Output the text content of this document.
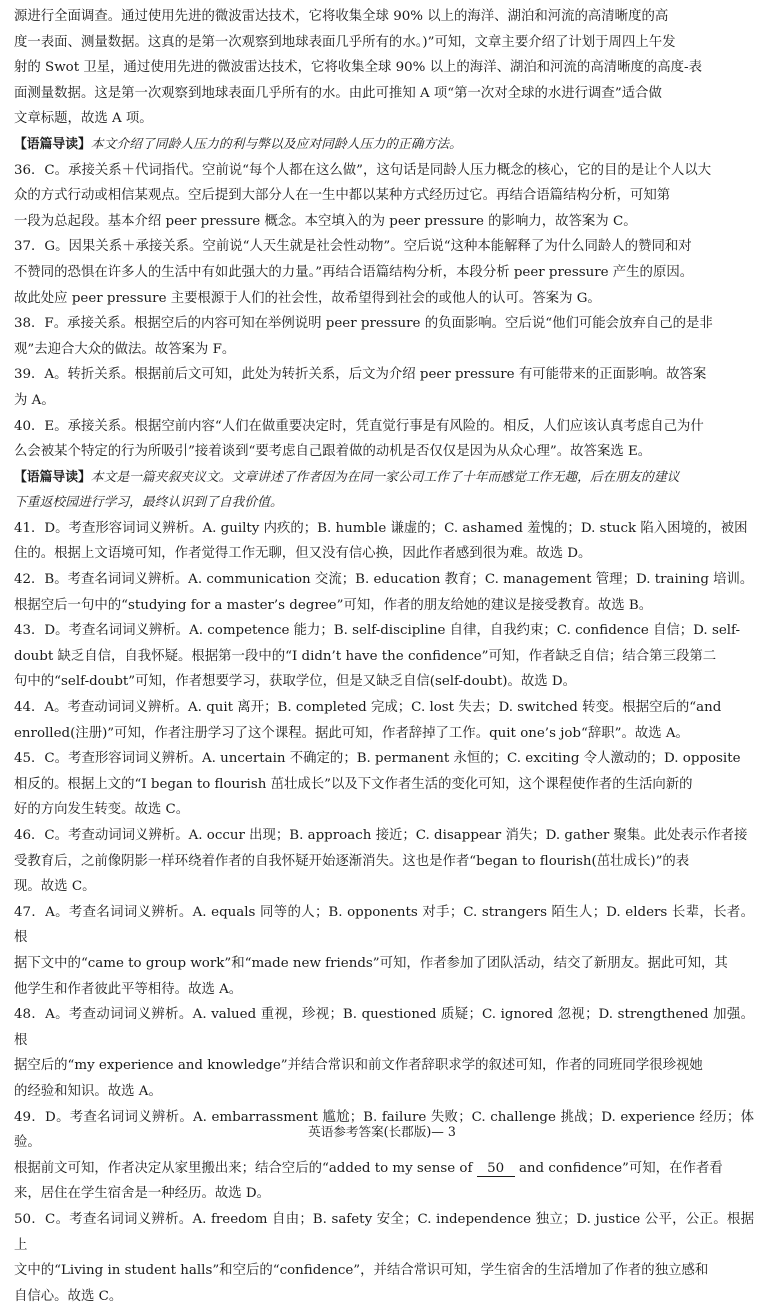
源进行全面调查。通过使用先进的微波雷达技术，它将收集全球 90% 以上的海洋、湖泊和河流的高清晰度的高

度一表面、测量数据。这真的是第一次观察到地球表面几乎所有的水。)”可知，文章主要介绍了计划于周四上午发

射的 Swot 卫星，通过使用先进的微波雷达技术，它将收集全球 90% 以上的海洋、湖泊和河流的高清晰度的高度-表

面测量数据。这是第一次观察到地球表面几乎所有的水。由此可推知 A 项“第一次对全球的水进行调查”适合做

文章标题，故选 A 项。

【语篇导读】本文介绍了同龄人压力的利与弊以及应对同龄人压力的正确方法。

36．C。承接关系＋代词指代。空前说“每个人都在这么做”，这句话是同龄人压力概念的核心，它的目的是让个人以大

众的方式行动或相信某观点。空后提到大部分人在一生中都以某种方式经历过它。再结合语篇结构分析，可知第

一段为总起段。基本介绍 peer pressure 概念。本空填入的为 peer pressure 的影响力，故答案为 C。

37．G。因果关系＋承接关系。空前说“人天生就是社会性动物”。空后说“这种本能解释了为什么同龄人的赞同和对

不赞同的恐惧在许多人的生活中有如此强大的力量。”再结合语篇结构分析，本段分析 peer pressure 产生的原因。

故此处应 peer pressure 主要根源于人们的社会性，故希望得到社会的或他人的认可。答案为 G。

38．F。承接关系。根据空后的内容可知在举例说明 peer pressure 的负面影响。空后说“他们可能会放弃自己的是非

观”去迎合大众的做法。故答案为 F。

39．A。转折关系。根据前后文可知，此处为转折关系，后文为介绍 peer pressure 有可能带来的正面影响。故答案

为 A。

40．E。承接关系。根据空前内容“人们在做重要决定时，凭直觉行事是有风险的。相反，人们应该认真考虑自己为什

么会被某个特定的行为所吸引”接着谈到“要考虑自己跟着做的动机是否仅仅是因为从众心理”。故答案选 E。

【语篇导读】本文是一篇夹叙夹议文。文章讲述了作者因为在同一家公司工作了十年而感觉工作无趣，后在朋友的建议

下重返校园进行学习，最终认识到了自我价值。

41．D。考查形容词词义辨析。A. guilty 内疚的；B. humble 谦虚的；C. ashamed 羞愧的；D. stuck 陷入困境的，被困

住的。根据上文语境可知，作者觉得工作无聊，但又没有信心换，因此作者感到很为难。故选 D。

42．B。考查名词词义辨析。A. communication 交流；B. education 教育；C. management 管理；D. training 培训。

根据空后一句中的“studying for a master’s degree”可知，作者的朋友给她的建议是接受教育。故选 B。

43．D。考查名词词义辨析。A. competence 能力；B. self-discipline 自律，自我约束；C. confidence 自信；D. self-

doubt 缺乏自信，自我怀疑。根据第一段中的“I didn’t have the confidence”可知，作者缺乏自信；结合第三段第二

句中的“self-doubt”可知，作者想要学习，获取学位，但是又缺乏自信(self-doubt)。故选 D。

44．A。考查动词词义辨析。A. quit 离开；B. completed 完成；C. lost 失去；D. switched 转变。根据空后的“and

enrolled(注册)”可知，作者注册学习了这个课程。据此可知，作者辞掉了工作。quit one’s job“辞职”。故选 A。

45．C。考查形容词词义辨析。A. uncertain 不确定的；B. permanent 永恒的；C. exciting 令人激动的；D. opposite

相反的。根据上文的“I began to flourish 茁壮成长”以及下文作者生活的变化可知，这个课程使作者的生活向新的

好的方向发生转变。故选 C。

46．C。考查动词词义辨析。A. occur 出现；B. approach 接近；C. disappear 消失；D. gather 聚集。此处表示作者接

受教育后，之前像阴影一样环绕着作者的自我怀疑开始逐渐消失。这也是作者“began to flourish(茁壮成长)”的表

现。故选 C。

47．A。考查名词词义辨析。A. equals 同等的人；B. opponents 对手；C. strangers 陌生人；D. elders 长辈，长者。根

据下文中的“came to group work”和“made new friends”可知，作者参加了团队活动，结交了新朋友。据此可知，其

他学生和作者彼此平等相待。故选 A。

48．A。考查动词词义辨析。A. valued 重视，珍视；B. questioned 质疑；C. ignored 忽视；D. strengthened 加强。根

据空后的“my experience and knowledge”并结合常识和前文作者辞职求学的叙述可知，作者的同班同学很珍视她

的经验和知识。故选 A。

49．D。考查名词词义辨析。A. embarrassment 尴尬；B. failure 失败；C. challenge 挑战；D. experience 经历；体验。

根据前文可知，作者决定从家里搬出来；结合空后的“added to my sense of 50 and confidence”可知，在作者看

来，居住在学生宿舍是一种经历。故选 D。

50．C。考查名词词义辨析。A. freedom 自由；B. safety 安全；C. independence 独立；D. justice 公平，公正。根据上

文中的“Living in student halls”和空后的“confidence”，并结合常识可知，学生宿舍的生活增加了作者的独立感和

自信心。故选 C。

英语参考答案(长郡版)— 3
